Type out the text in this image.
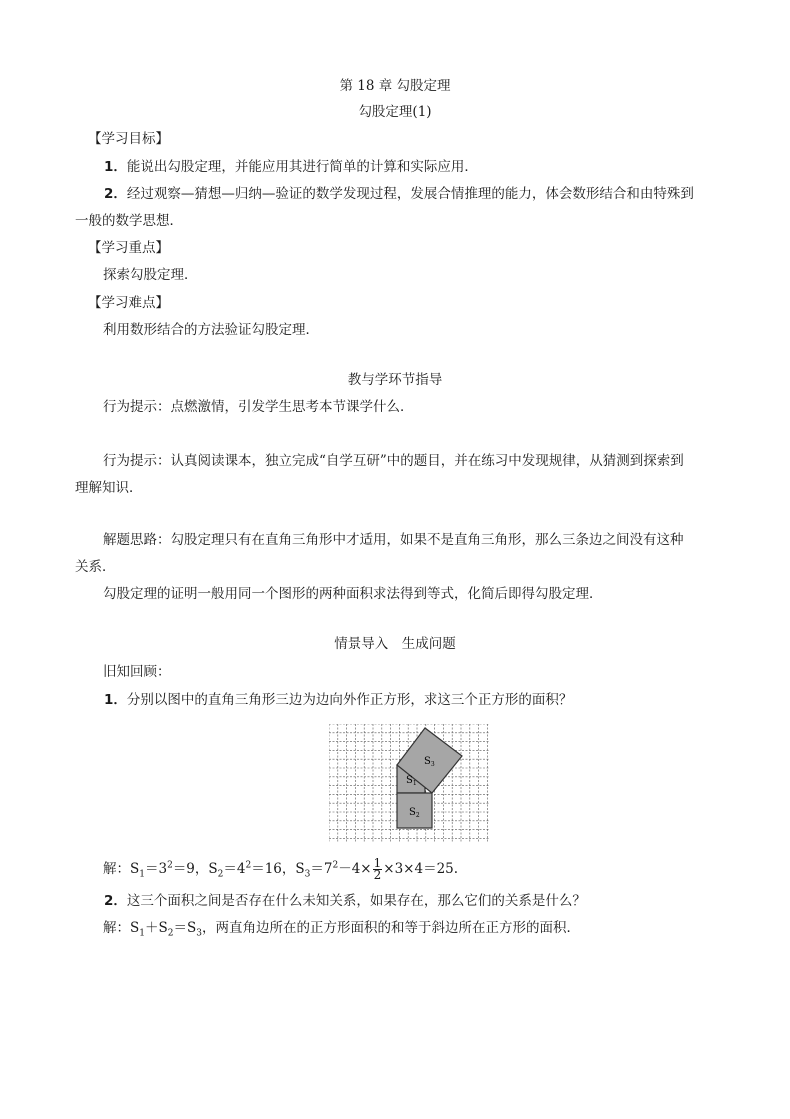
第 18 章 勾股定理
勾股定理(1)
【学习目标】
1．能说出勾股定理，并能应用其进行简单的计算和实际应用．
2．经过观察—猜想—归纳—验证的数学发现过程，发展合情推理的能力，体会数形结合和由特殊到
一般的数学思想．
【学习重点】
探索勾股定理．
【学习难点】
利用数形结合的方法验证勾股定理．
教与学环节指导
行为提示：点燃激情，引发学生思考本节课学什么．
行为提示：认真阅读课本，独立完成“自学互研”中的题目，并在练习中发现规律，从猜测到探索到
理解知识．
解题思路：勾股定理只有在直角三角形中才适用，如果不是直角三角形，那么三条边之间没有这种
关系．
勾股定理的证明一般用同一个图形的两种面积求法得到等式，化简后即得勾股定理．
情景导入　生成问题
旧知回顾：
1．分别以图中的直角三角形三边为边向外作正方形，求这三个正方形的面积？
$S_1$
$S_2$
$S_3$
解：$S_1=3^2=9$，$S_2=4^2=16$，$S_3=7^2-4\times \frac{1}{2} \times 3\times 4=25$.
2．这三个面积之间是否存在什么未知关系，如果存在，那么它们的关系是什么？
解：$S_1+S_2=S_3$，两直角边所在的正方形面积的和等于斜边所在正方形的面积．
